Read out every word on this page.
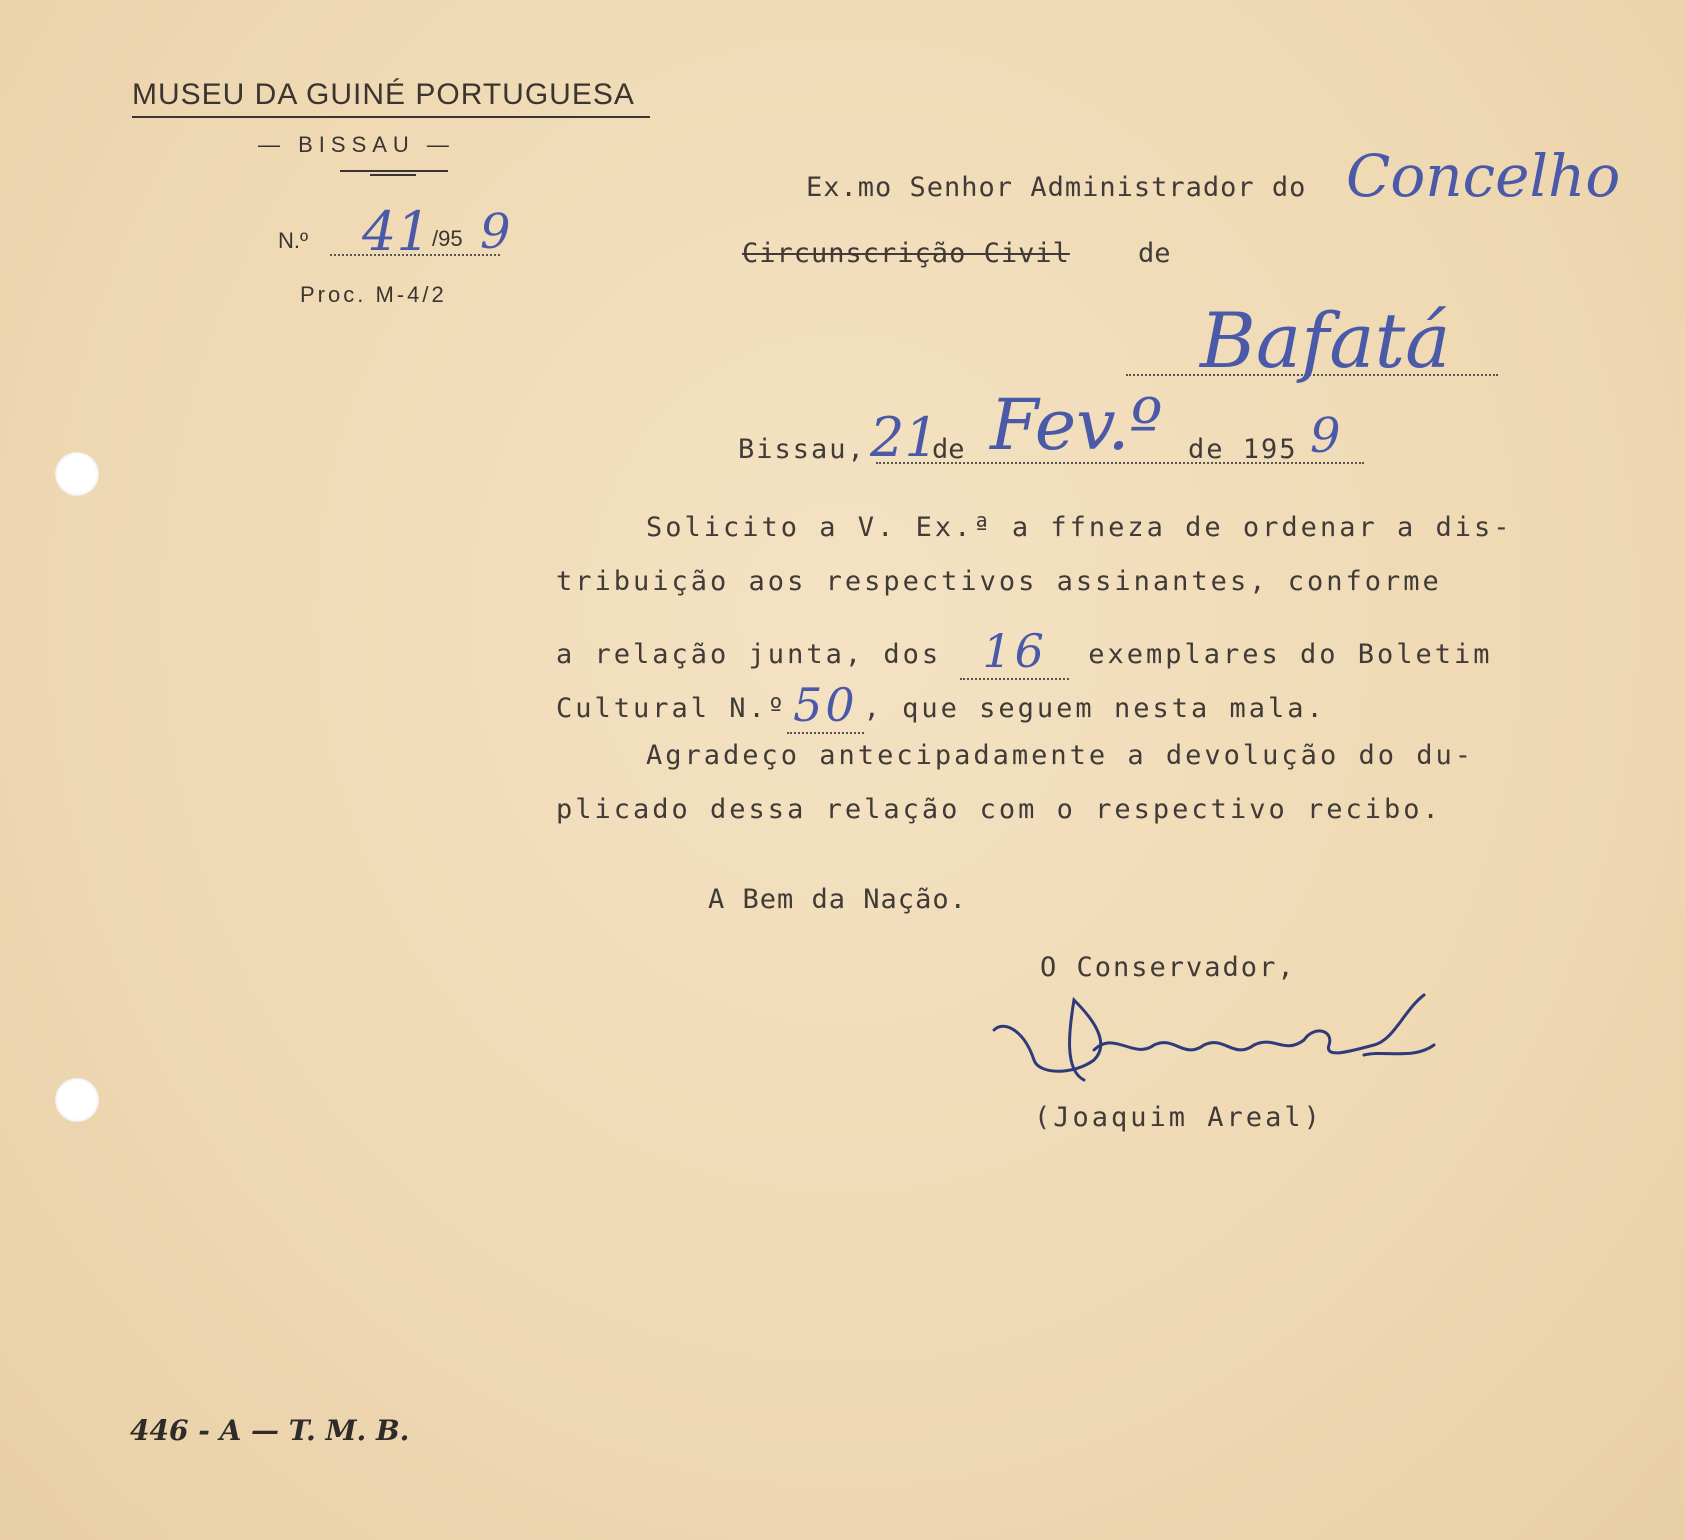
MUSEU DA GUINÉ PORTUGUESA
— BISSAU —
N.º 41 /95 9
Proc. M-4/2
Ex.mo Senhor Administrador do Concelho
Circunscrição Civil	de
Bafatá
Bissau, 21
de Fev.º de 195 9
Solicito a V. Ex.ª a ffneza de ordenar a dis-
tribuição aos respectivos assinantes, conforme
a relação junta, dos 16 exemplares do Boletim
Cultural N.º 50 , que seguem nesta mala.
Agradeço antecipadamente a devolução do du-
plicado dessa relação com o respectivo recibo.
A Bem da Nação.
O Conservador,
(Joaquim Areal)
446 - A — T. M. B.
